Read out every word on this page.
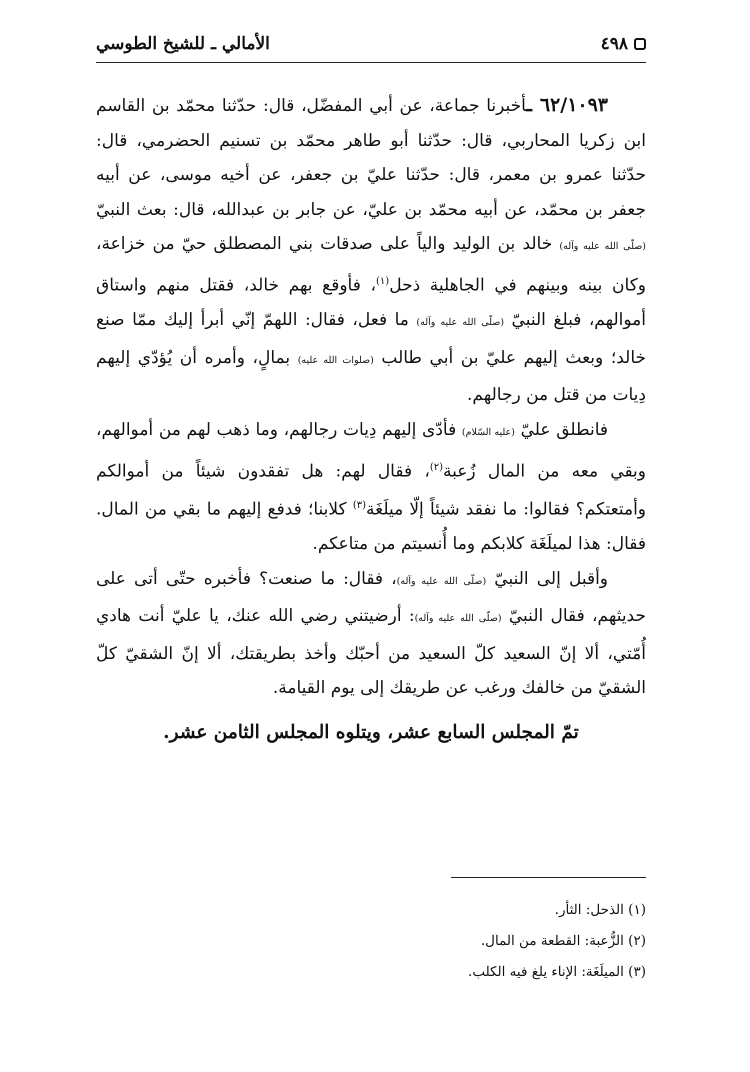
٤٩٨
الأمالي ـ للشيخ الطوسي

٦٢/١٠٩٣ ـأخبرنا جماعة، عن أبي المفضّل، قال: حدّثنا محمّد بن القاسم ابن زكريا المحاربي، قال: حدّثنا أبو طاهر محمّد بن تسنيم الحضرمي، قال: حدّثنا عمرو بن معمر، قال: حدّثنا عليّ بن جعفر، عن أخيه موسى، عن أبيه جعفر بن محمّد، عن أبيه محمّد بن عليّ، عن جابر بن عبدالله، قال: بعث النبيّ (صلّى الله عليه وآله) خالد بن الوليد والياً على صدقات بني المصطلق حيّ من خزاعة، وكان بينه وبينهم في الجاهلية ذحل$^{(١)}$، فأوقع بهم خالد، فقتل منهم واستاق أموالهم، فبلغ النبيّ (صلّى الله عليه وآله) ما فعل، فقال: اللهمّ إنّي أبرأ إليك ممّا صنع خالد؛ وبعث إليهم عليّ بن أبي طالب (صلوات الله عليه) بمالٍ، وأمره أن يُؤدّي إليهم دِيات من قتل من رجالهم.

فانطلق عليّ (عليه السّلام) فأدّى إليهم دِيات رجالهم، وما ذهب لهم من أموالهم، وبقي معه من المال زُعبة$^{(٢)}$، فقال لهم: هل تفقدون شيئاً من أموالكم وأمتعتكم؟ فقالوا: ما نفقد شيئاً إلّا ميلَغَة$^{(٣)}$ كلابنا؛ فدفع إليهم ما بقي من المال. فقال: هذا لميلَغَة كلابكم وما أُنسيتم من متاعكم.

وأقبل إلى النبيّ (صلّى الله عليه وآله)، فقال: ما صنعت؟ فأخبره حتّى أتى على حديثهم، فقال النبيّ (صلّى الله عليه وآله): أرضيتني رضي الله عنك، يا عليّ أنت هادي أُمّتي، ألا إنّ السعيد كلّ السعيد من أحبّك وأخذ بطريقتك، ألا إنّ الشقيّ كلّ الشقيّ من خالفك ورغب عن طريقك إلى يوم القيامة.

تمّ المجلس السابع عشر، ويتلوه المجلس الثامن عشر.

(١) الذحل: الثأر.

(٢) الزُّعبة: القطعة من المال.

(٣) الميلَغَة: الإناء يلغ فيه الكلب.
